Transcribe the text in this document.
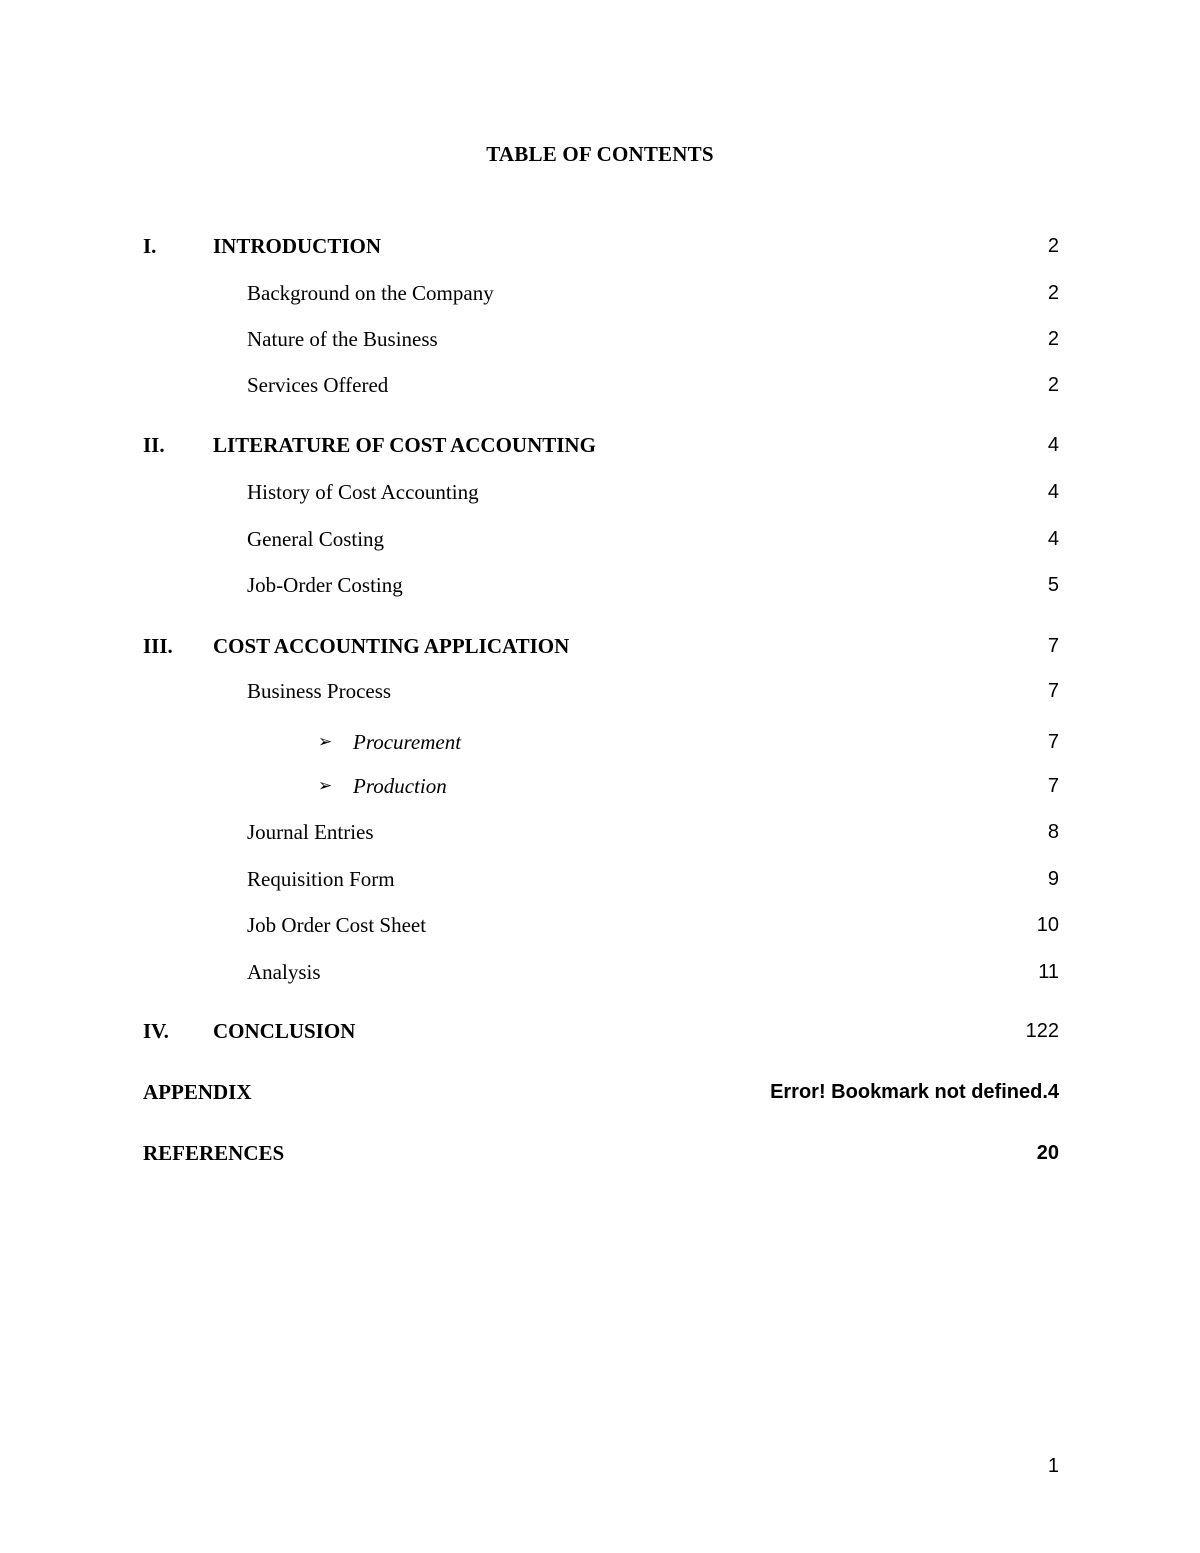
TABLE OF CONTENTS
I.	INTRODUCTION	2
Background on the Company	2
Nature of the Business	2
Services Offered	2
II. LITERATURE OF COST ACCOUNTING	4
History of Cost Accounting	4
General Costing	4
Job-Order Costing	5
III. COST ACCOUNTING APPLICATION	7
Business Process	7
➢ Procurement	7
➢ Production	7
Journal Entries	8
Requisition Form	9
Job Order Cost Sheet	10
Analysis	11
IV. CONCLUSION	122
APPENDIX	Error! Bookmark not defined.4
REFERENCES	20
1
